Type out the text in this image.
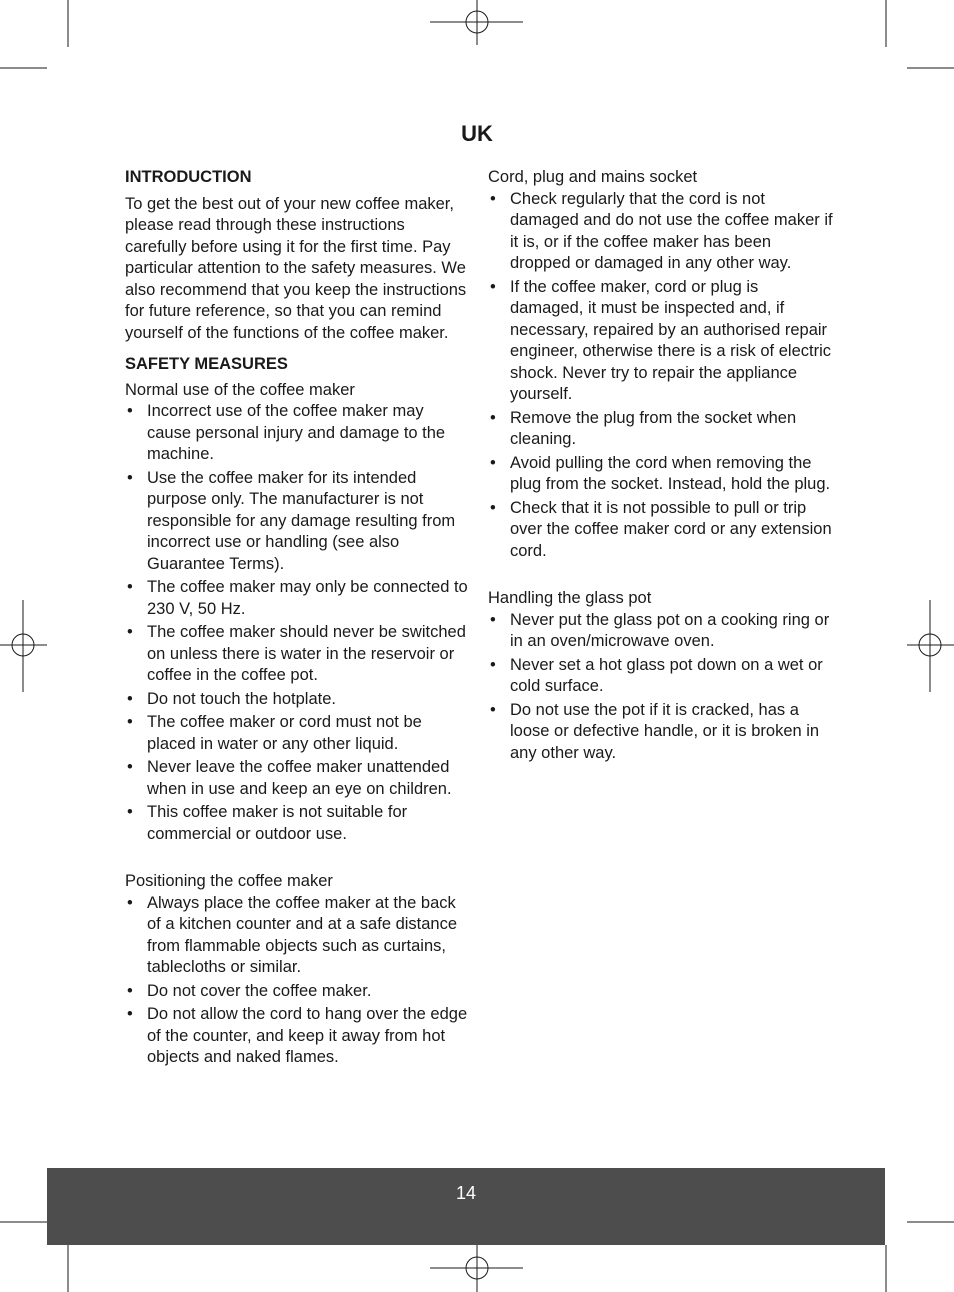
UK
INTRODUCTION

To get the best out of your new coffee maker, please read through these instructions carefully before using it for the first time. Pay particular attention to the safety measures. We also recommend that you keep the instructions for future reference, so that you can remind yourself of the functions of the coffee maker.

SAFETY MEASURES

Normal use of the coffee maker

• Incorrect use of the coffee maker may cause personal injury and damage to the machine.
• Use the coffee maker for its intended purpose only. The manufacturer is not responsible for any damage resulting from incorrect use or handling (see also Guarantee Terms).
• The coffee maker may only be connected to 230 V, 50 Hz.
• The coffee maker should never be switched on unless there is water in the reservoir or coffee in the coffee pot.
• Do not touch the hotplate.
• The coffee maker or cord must not be placed in water or any other liquid.
• Never leave the coffee maker unattended when in use and keep an eye on children.
• This coffee maker is not suitable for commercial or outdoor use.
Positioning the coffee maker
• Always place the coffee maker at the back of a kitchen counter and at a safe distance from flammable objects such as curtains, tablecloths or similar.
• Do not cover the coffee maker.
• Do not allow the cord to hang over the edge of the counter, and keep it away from hot objects and naked flames.
Cord, plug and mains socket
• Check regularly that the cord is not damaged and do not use the coffee maker if it is, or if the coffee maker has been dropped or damaged in any other way.
• If the coffee maker, cord or plug is damaged, it must be inspected and, if necessary, repaired by an authorised repair engineer, otherwise there is a risk of electric shock. Never try to repair the appliance yourself.
• Remove the plug from the socket when cleaning.
• Avoid pulling the cord when removing the plug from the socket. Instead, hold the plug.
• Check that it is not possible to pull or trip over the coffee maker cord or any extension cord.
Handling the glass pot
• Never put the glass pot on a cooking ring or in an oven/microwave oven.
• Never set a hot glass pot down on a wet or cold surface.
• Do not use the pot if it is cracked, has a loose or defective handle, or it is broken in any other way.
14
